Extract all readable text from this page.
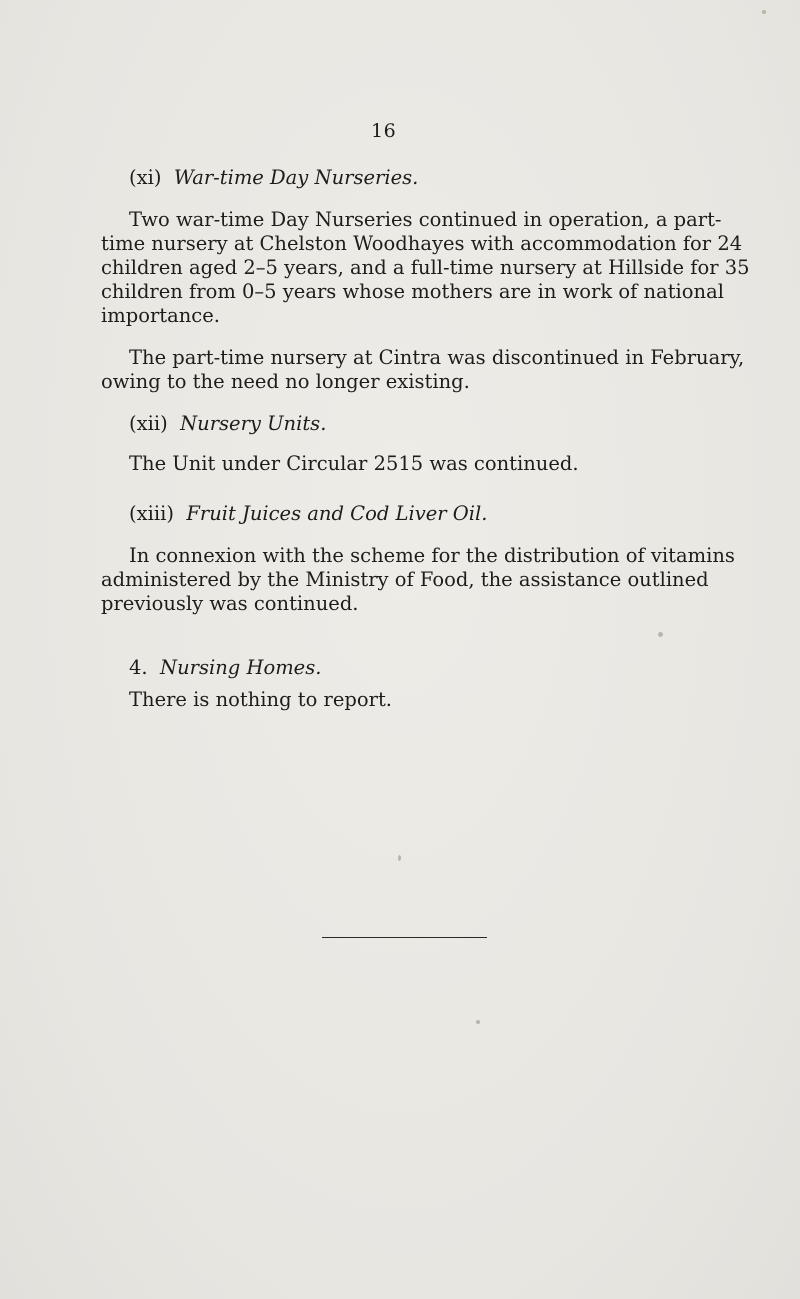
16
(xi) War-time Day Nurseries.
Two war-time Day Nurseries continued in operation, a part-
time nursery at Chelston Woodhayes with accommodation for 24
children aged 2–5 years, and a full-time nursery at Hillside for 35
children from 0–5 years whose mothers are in work of national
importance.
The part-time nursery at Cintra was discontinued in February,
owing to the need no longer existing.
(xii) Nursery Units.
The Unit under Circular 2515 was continued.
(xiii) Fruit Juices and Cod Liver Oil.
In connexion with the scheme for the distribution of vitamins
administered by the Ministry of Food, the assistance outlined
previously was continued.
4. Nursing Homes.
There is nothing to report.
